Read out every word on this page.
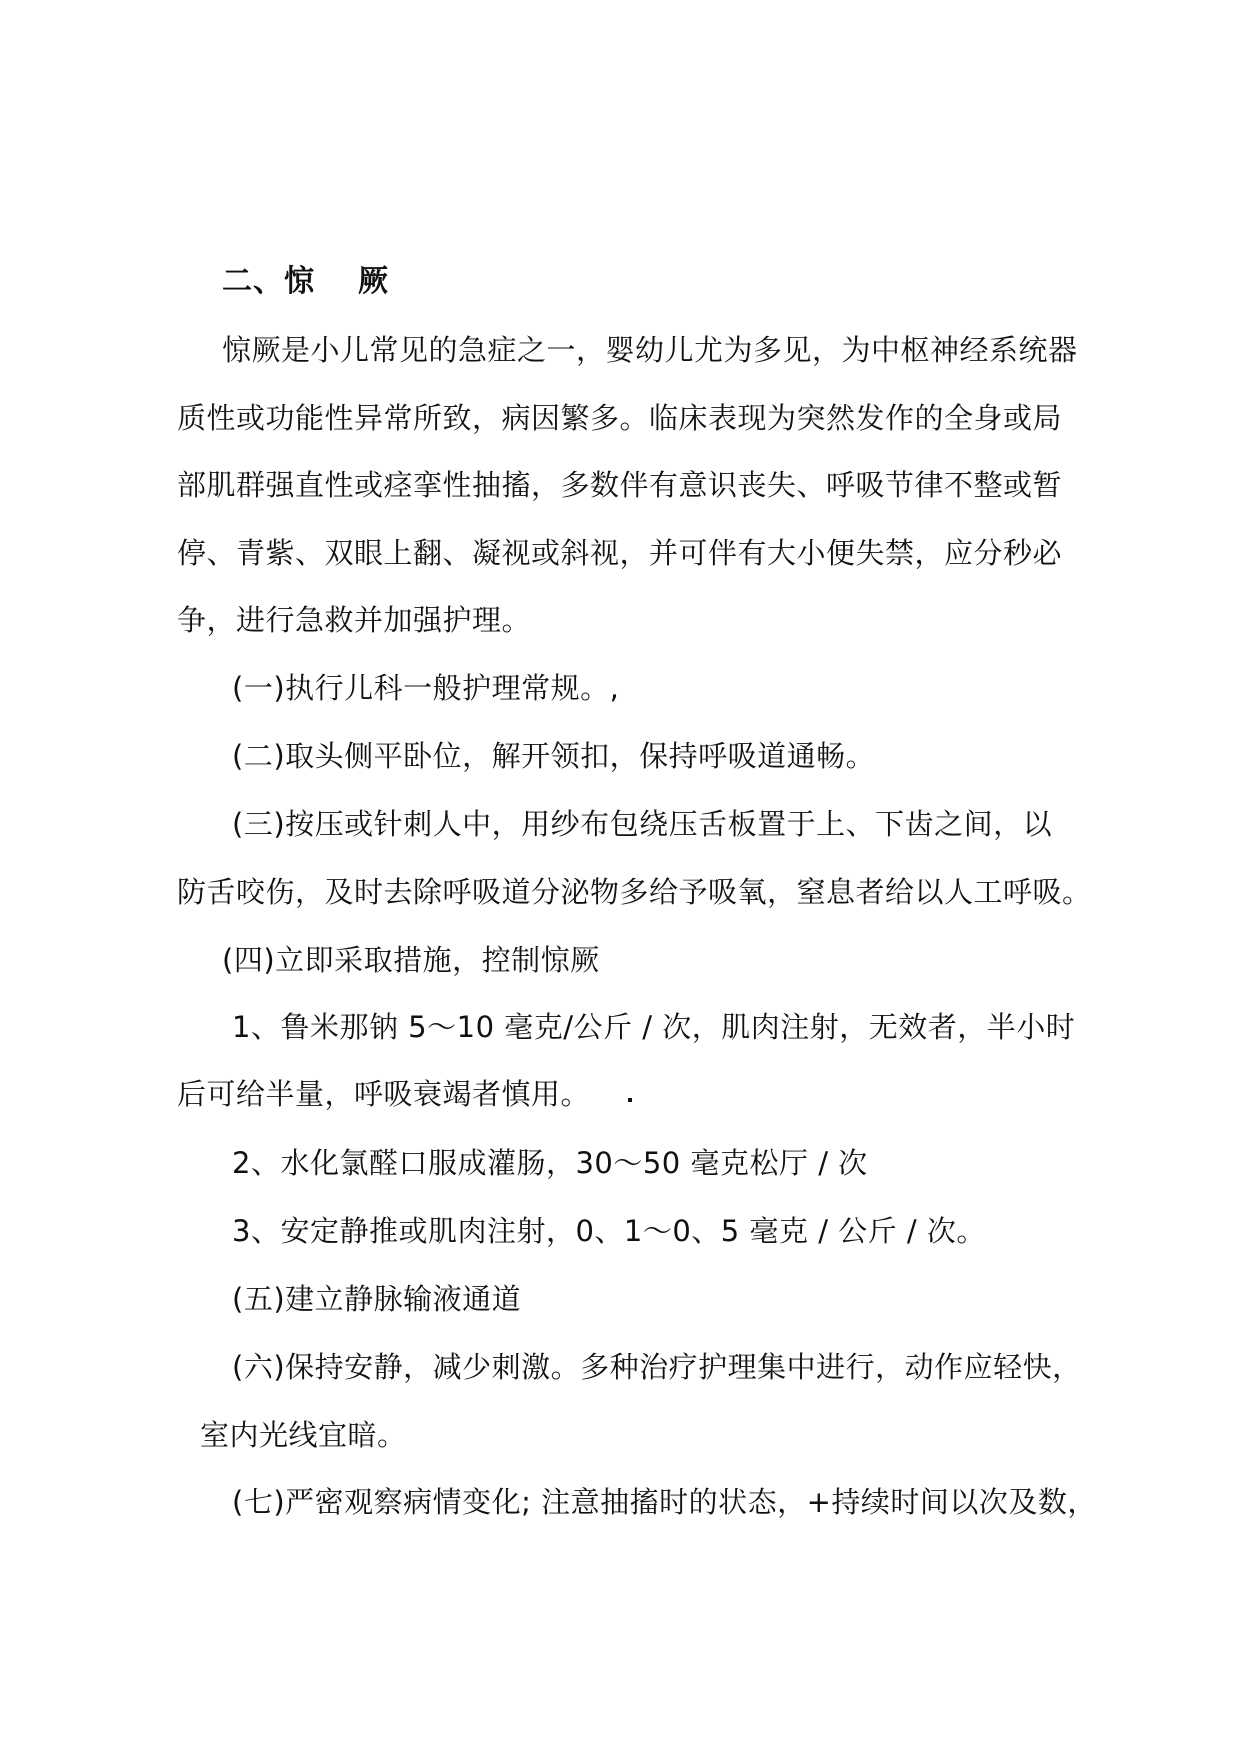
二、惊厥
惊厥是小儿常见的急症之一，婴幼儿尤为多见，为中枢神经系统器
质性或功能性异常所致，病因繁多。临床表现为突然发作的全身或局
部肌群强直性或痉挛性抽搐，多数伴有意识丧失、呼吸节律不整或暂
停、青紫、双眼上翻、凝视或斜视，并可伴有大小便失禁，应分秒必
争，进行急救并加强护理。
(一)执行儿科一般护理常规。,
(二)取头侧平卧位，解开领扣，保持呼吸道通畅。
(三)按压或针刺人中，用纱布包绕压舌板置于上、下齿之间，以
防舌咬伤，及时去除呼吸道分泌物多给予吸氧，窒息者给以人工呼吸。
(四)立即采取措施，控制惊厥
1、鲁米那钠 5～10 毫克/公斤 / 次，肌肉注射，无效者，半小时
后可给半量，呼吸衰竭者慎用。
2、水化氯醛口服成灌肠，30～50 毫克松厅 / 次
3、安定静推或肌肉注射，0、1～0、5 毫克 / 公斤 / 次。
(五)建立静脉输液通道
(六)保持安静，减少刺激。多种治疗护理集中进行，动作应轻快，
室内光线宜暗。
(七)严密观察病情变化; 注意抽搐时的状态，+持续时间以次及数，
